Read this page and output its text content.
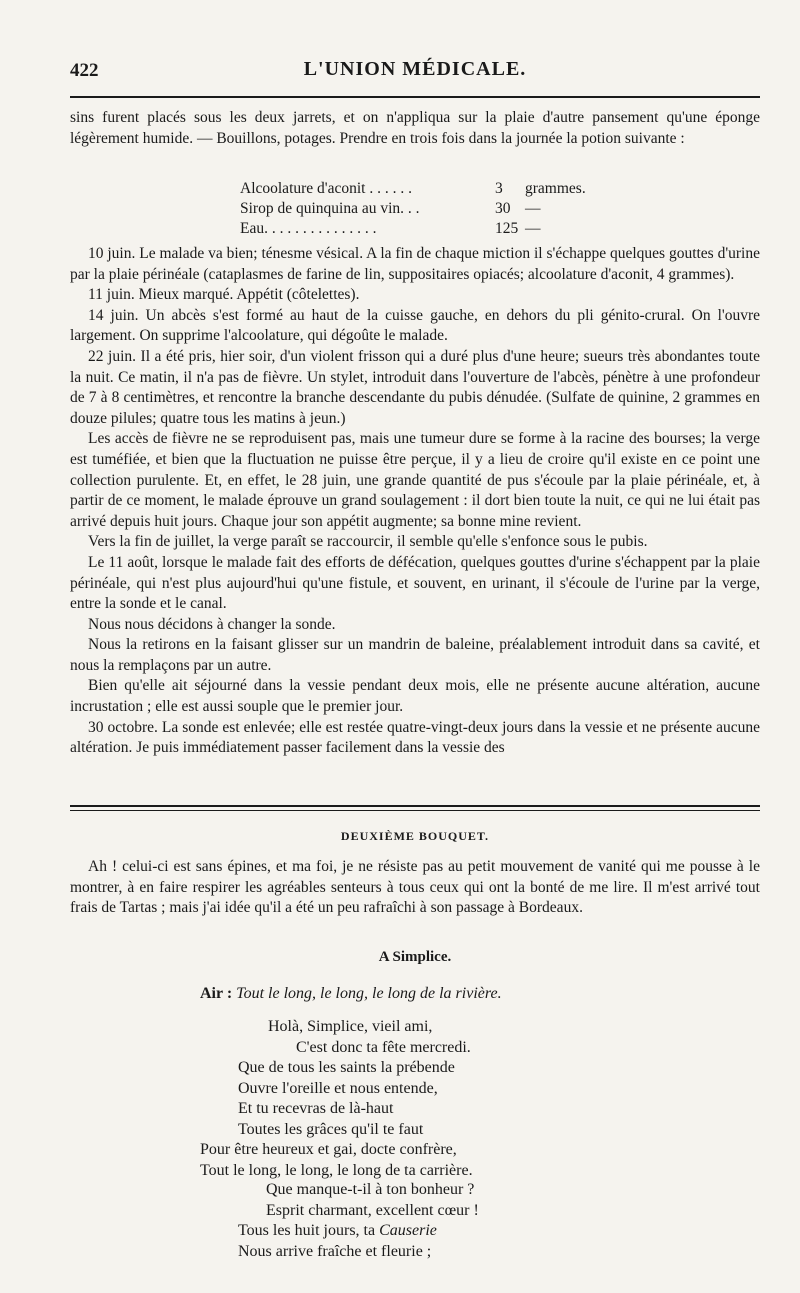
422	L'UNION MÉDICALE.

sins furent placés sous les deux jarrets, et on n'appliqua sur la plaie d'autre pansement qu'une éponge légèrement humide. — Bouillons, potages. Prendre en trois fois dans la journée la potion suivante :

Alcoolature d'aconit . . . . . .	3 grammes.
Sirop de quinquina au vin. . .	30 —
Eau. . . . . . . . . . . . . . .	125 —

10 juin. Le malade va bien; ténesme vésical. A la fin de chaque miction il s'échappe quelques gouttes d'urine par la plaie périnéale (cataplasmes de farine de lin, suppositaires opiacés; alcoolature d'aconit, 4 grammes).

11 juin. Mieux marqué. Appétit (côtelettes).

14 juin. Un abcès s'est formé au haut de la cuisse gauche, en dehors du pli génito-crural. On l'ouvre largement. On supprime l'alcoolature, qui dégoûte le malade.

22 juin. Il a été pris, hier soir, d'un violent frisson qui a duré plus d'une heure; sueurs très abondantes toute la nuit. Ce matin, il n'a pas de fièvre. Un stylet, introduit dans l'ouverture de l'abcès, pénètre à une profondeur de 7 à 8 centimètres, et rencontre la branche descendante du pubis dénudée. (Sulfate de quinine, 2 grammes en douze pilules; quatre tous les matins à jeun.)

Les accès de fièvre ne se reproduisent pas, mais une tumeur dure se forme à la racine des bourses; la verge est tuméfiée, et bien que la fluctuation ne puisse être perçue, il y a lieu de croire qu'il existe en ce point une collection purulente. Et, en effet, le 28 juin, une grande quantité de pus s'écoule par la plaie périnéale, et, à partir de ce moment, le malade éprouve un grand soulagement : il dort bien toute la nuit, ce qui ne lui était pas arrivé depuis huit jours. Chaque jour son appétit augmente; sa bonne mine revient.

Vers la fin de juillet, la verge paraît se raccourcir, il semble qu'elle s'enfonce sous le pubis.

Le 11 août, lorsque le malade fait des efforts de défécation, quelques gouttes d'urine s'échappent par la plaie périnéale, qui n'est plus aujourd'hui qu'une fistule, et souvent, en urinant, il s'écoule de l'urine par la verge, entre la sonde et le canal.

Nous nous décidons à changer la sonde.

Nous la retirons en la faisant glisser sur un mandrin de baleine, préalablement introduit dans sa cavité, et nous la remplaçons par un autre.

Bien qu'elle ait séjourné dans la vessie pendant deux mois, elle ne présente aucune altération, aucune incrustation ; elle est aussi souple que le premier jour.

30 octobre. La sonde est enlevée; elle est restée quatre-vingt-deux jours dans la vessie et ne présente aucune altération. Je puis immédiatement passer facilement dans la vessie des

DEUXIÈME BOUQUET.

Ah ! celui-ci est sans épines, et ma foi, je ne résiste pas au petit mouvement de vanité qui me pousse à le montrer, à en faire respirer les agréables senteurs à tous ceux qui ont la bonté de me lire. Il m'est arrivé tout frais de Tartas ; mais j'ai idée qu'il a été un peu rafraîchi à son passage à Bordeaux.

A Simplice.
Air : Tout le long, le long, le long de la rivière.
Holà, Simplice, vieil ami,
C'est donc ta fête mercredi.
Que de tous les saints la prébende
Ouvre l'oreille et nous entende,
Et tu recevras de là-haut
Toutes les grâces qu'il te faut
Pour être heureux et gai, docte confrère,
Tout le long, le long, le long de ta carrière.
Que manque-t-il à ton bonheur ?
Esprit charmant, excellent cœur !
Tous les huit jours, ta Causerie
Nous arrive fraîche et fleurie ;
